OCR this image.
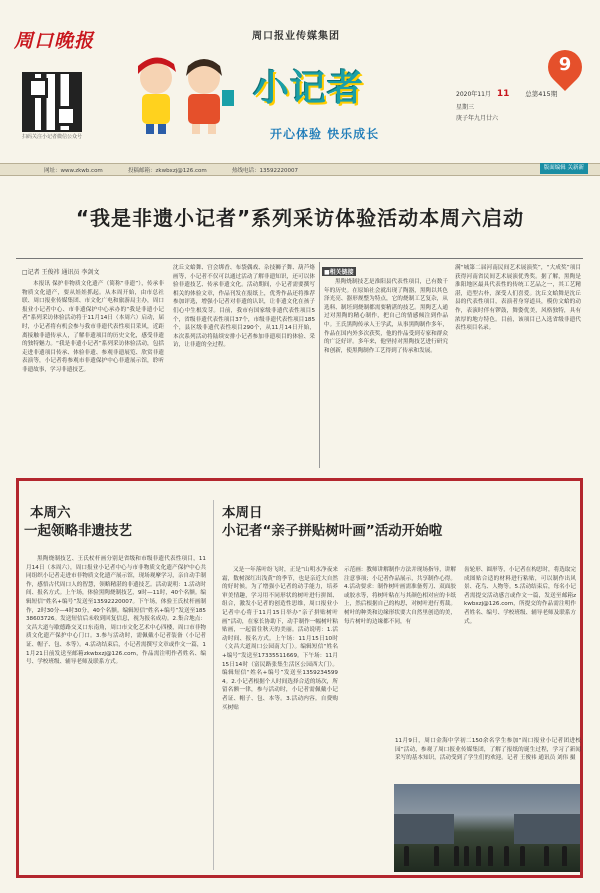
周口晚报
扫码关注小记者微信公众号
周口报业传媒集团
小记者
开心体验 快乐成长
9
2020年11月 11 总第415期
星期三
庚子年九月廿六
网址：www.zkwb.com	投稿邮箱：zkwbxzj@126.com	热线电话：13592220007	版面编辑 关新新
“我是非遗小记者”系列采访体验活动本周六启动
□记者 王俊祎 通讯员 李剑文
本报讯 保护非物质文化遗产（简称“非遗”），传承非物质文化遗产，要从娃娃抓起。从本周开始，由市总社联、周口报业传媒集团、市文化广电和旅游局主办，周口报业小记者中心、市非遗保护中心承办的“我是非遗小记者”系列采访体验活动将于11月14日（本周六）启动，届时，小记者将有机会参与我市非遗代表性项目采风，近距离接触非遗传承人，了解非遗项目的历史文化，感受非遗的独特魅力。“我是非遗小记者”系列采访体验活动，包括走进非遗项目传承、体验非遗、参观非遗展览、欣赏非遗表演等，小记者将参观市非遗保护中心非遗展示馆，聆听非遗故事，学习非遗技艺。
沈丘文蛤舞、宫会绑香、布袋偶戏、杂技狮子舞、葫芦烙画等，小记者不仅可以通过活动了解非遗知识，还可以体验非遗技艺、传承非遗文化。活动期间，小记者需要撰写相关的体验文章，作品刊发在报纸上，优秀作品还将推荐参加评选，增强小记者对非遗的认识，让非遗文化在孩子们心中生根发芽。目前，我市有国家级非遗代表性项目5个，省级非遗代表性项目37个，市级非遗代表性项目185个，县区级非遗代表性项目290个，从11月14日开始，本次系列活动将陆续安排小记者参加非遗项目的体验、采访，让非遗的全过程。
■相关链接
黑陶烧制技艺是淮阳县代表性项目，已有数千年的历史。在原始社会就出现了陶器，黑陶以其色泽光亮、器形规整为特点，它的烧制工艺复杂，从选料、制坯到烧制都需要精湛的技艺。黑陶艺人通过对黑陶的精心制作，把自己的情感倾注到作品中。王氏黑陶传承人王学武，从事黑陶制作多年，作品在国内外多次获奖，他的作品受到专家和群众的广泛好评。多年来，他坚持对黑陶技艺进行研究和创新，使黑陶制作工艺得到了传承和发展。
满“城第二届河南民间艺术展演奖”，“大成奖”项目获得河南省民间艺术展演优秀奖。据了解，黑陶是淮阳地区最具代表性的传统工艺品之一，其工艺精湛，造型古朴，深受人们喜爱。沈丘文蛤舞是沈丘县的代表性项目，表演者身穿道具，模仿文蛤的动作，表演时伴有锣鼓，舞姿优美，风格独特，具有浓厚的地方特色。目前，该项目已入选省级非遗代表性项目名录。
本周六
一起领略非遗技艺
黑陶烧制技艺、王氏杖杆画分别是省级和市级非遗代表性项目，11月14日（本周六），周口报业小记者中心与市非物质文化遗产保护中心共同组织小记者走进市非物质文化遗产展示馆，现场观摩学习，亲自动手制作，感悟古代周口人的智慧，领略精湛的非遗技艺。活动说明：1.活动时间、报名方式。上午场，体验黑陶烧制技艺，9时—11时，40个名额。编辑短信“姓名+编号”发送至13592220007。下午场，体验王氏杖杆画制作，2时30分—4时30分，40个名额。编辑短信“姓名+编号”发送至18538603726。发送短信后未收到回复信息，视为报名成功。2.集合地点：文昌大道与歇德路交叉口东南角，周口市文化艺术中心四楼，周口市非物质文化遗产保护中心门口。3.参与活动时，需佩戴小记者装备（小记者证、帽子、包、本等）。4.活动结束后，小记者需撰写文章或作文一篇，11月21日前发送至邮箱zkwbxzj@126.com，作品需注明作者姓名、编号、学校班级、辅导老师及联系方式。
本周日
小记者“亲子拼贴树叶画”活动开始啦
又是一年落叶纷飞时，正是“山明水净夜来霜，数树深红出浅黄”的季节，也是亲近大自然的好时候。为了增强小记者的动手能力，培养审美情趣，学习用不同形状的树叶进行拼图、组合，激发小记者的创造性思维，周口报业小记者中心将于11月15日举办“亲子拼贴树叶画”活动，在家长协助下，动手制作一幅树叶粘贴画，一起留住秋天的美丽。活动说明：1.活动时间、报名方式。上午场：11月15日10时（文昌大道周口公园南大门）。编辑短信“姓名+编号”发送至17335511669。下午场：11月15日14时（富民路张集生活区公园西大门）。编辑短信“姓名+编号”发送至13592345994。2.小记者根据个人时间选择合适的场次，所留名额一律，参与活动时，小记者需佩戴小记者证、帽子、包、本等。3.活动内容。自费购买树贴
示范画：教师讲解制作方法并现场指导，讲解注意事项；小记者作品展示，共享制作心得。4.活动要求：制作树叶画需准备剪刀、双面胶或胶水等，将树叶粘在与其颜色相对应的卡纸上，然后根据自己的构思，对树叶进行剪裁。树叶的种类和边缘形状要大自然里创造的美，每片树叶的边缘都不同，有
齿轮形、圆形等，小记者在构思时，将选取完成图贴合适的材料进行粘贴，可以制作出风景、花鸟、人物等。5.活动结束后，每名小记者需提交活动感言或作文一篇，发送至邮箱zkwbxzj@126.com，所提交的作品需注明作者姓名、编号、学校班级、辅导老师及联系方式。
11月9日，周口金海中学初二150余名学生参加“周口报业小记者团进校园”活动，参观了周口报业传媒集团，了解了报纸的诞生过程，学习了新闻采写的基本知识，活动受到了学生们的欢迎。记者 王俊祎 通讯员 刘伟 摄
